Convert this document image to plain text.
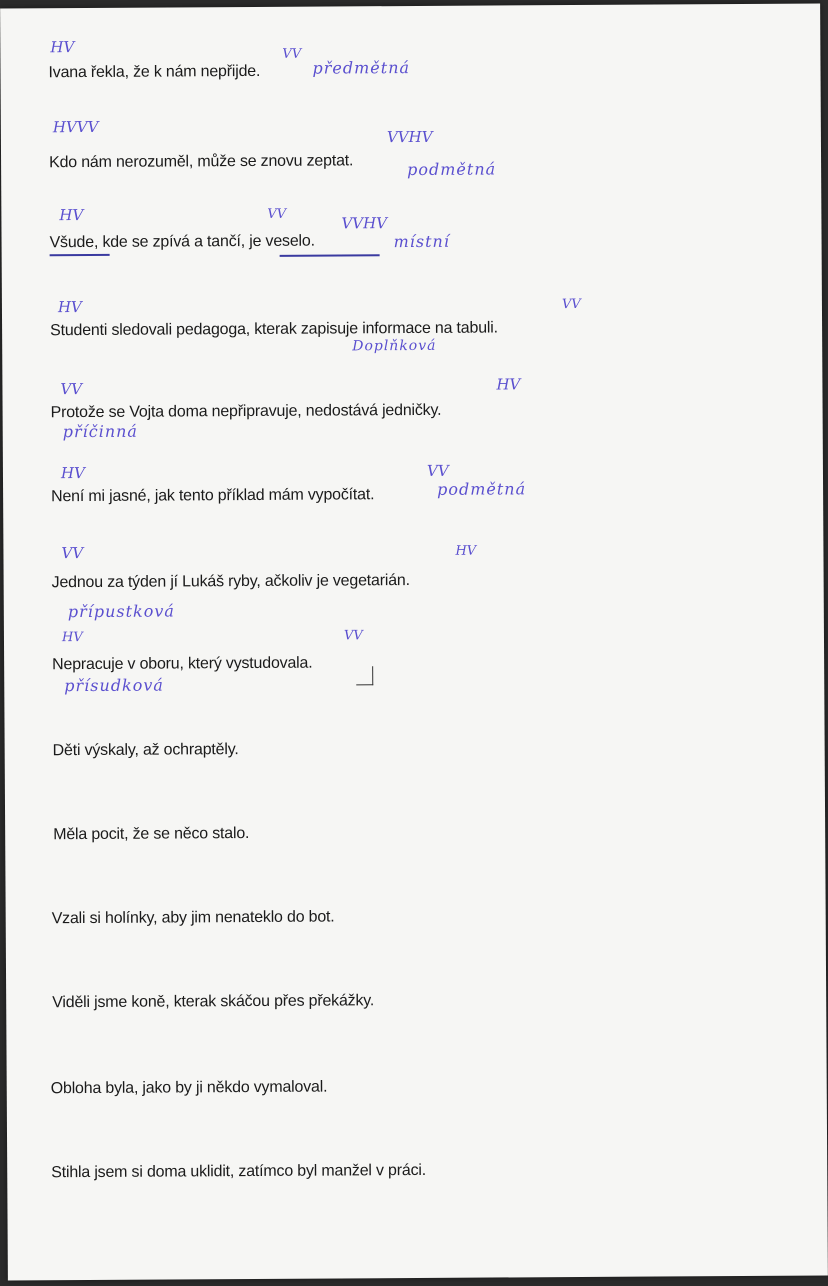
HV	VV
Ivana řekla, že k nám nepřijde.	předmětná
HVVV
VVHV
Kdo nám nerozuměl, může se znovu zeptat.	podmětná
HV	VV	VVHV
Všude, kde se zpívá a tančí, je veselo.	místní
HV	VV
Studenti sledovali pedagoga, kterak zapisuje informace na tabuli.
Doplňková
VV	HV
Protože se Vojta doma nepřipravuje, nedostává jedničky.
příčinná
HV	VV
Není mi jasné, jak tento příklad mám vypočítat.	podmětná
VV	HV
Jednou za týden jí Lukáš ryby, ačkoliv je vegetarián.
přípustková
HV	VV
Nepracuje v oboru, který vystudovala.
přísudková
Děti výskaly, až ochraptěly.
Měla pocit, že se něco stalo.
Vzali si holínky, aby jim nenateklo do bot.
Viděli jsme koně, kterak skáčou přes překážky.
Obloha byla, jako by ji někdo vymaloval.
Stihla jsem si doma uklidit, zatímco byl manžel v práci.
